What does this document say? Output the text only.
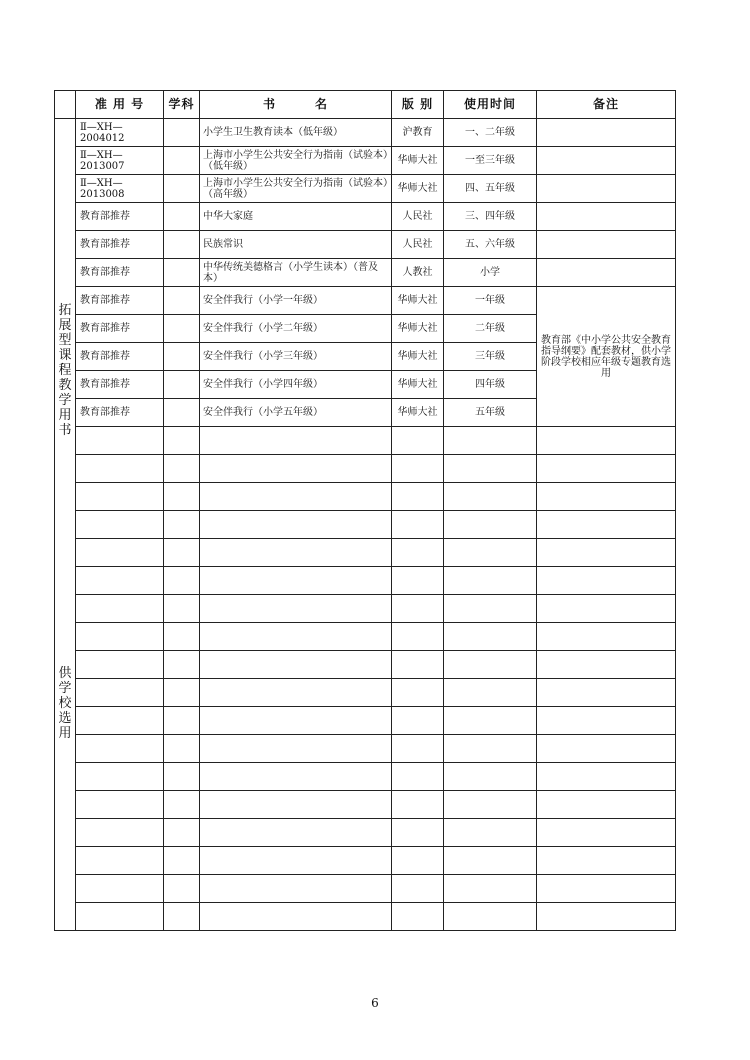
	准 用 号	学科	书　　　名	版 别	使用时间	备注
拓展型课程教学用书
供学校选用	Ⅱ—XH—2004012		小学生卫生教育读本（低年级）	沪教育	一、二年级	
	Ⅱ—XH—2013007		上海市小学生公共安全行为指南（试验本）（低年级）	华师大社	一至三年级	
	Ⅱ—XH—2013008		上海市小学生公共安全行为指南（试验本）（高年级）	华师大社	四、五年级	
	教育部推荐		中华大家庭	人民社	三、四年级	
	教育部推荐		民族常识	人民社	五、六年级	
	教育部推荐		中华传统美德格言（小学生读本）（普及本）	人教社	小学	
	教育部推荐		安全伴我行（小学一年级）	华师大社	一年级	教育部《中小学公共安全教育指导纲要》配套教材，供小学阶段学校相应年级专题教育选用
	教育部推荐		安全伴我行（小学二年级）	华师大社	二年级	
	教育部推荐		安全伴我行（小学三年级）	华师大社	三年级	
	教育部推荐		安全伴我行（小学四年级）	华师大社	四年级	
	教育部推荐		安全伴我行（小学五年级）	华师大社	五年级	

6
